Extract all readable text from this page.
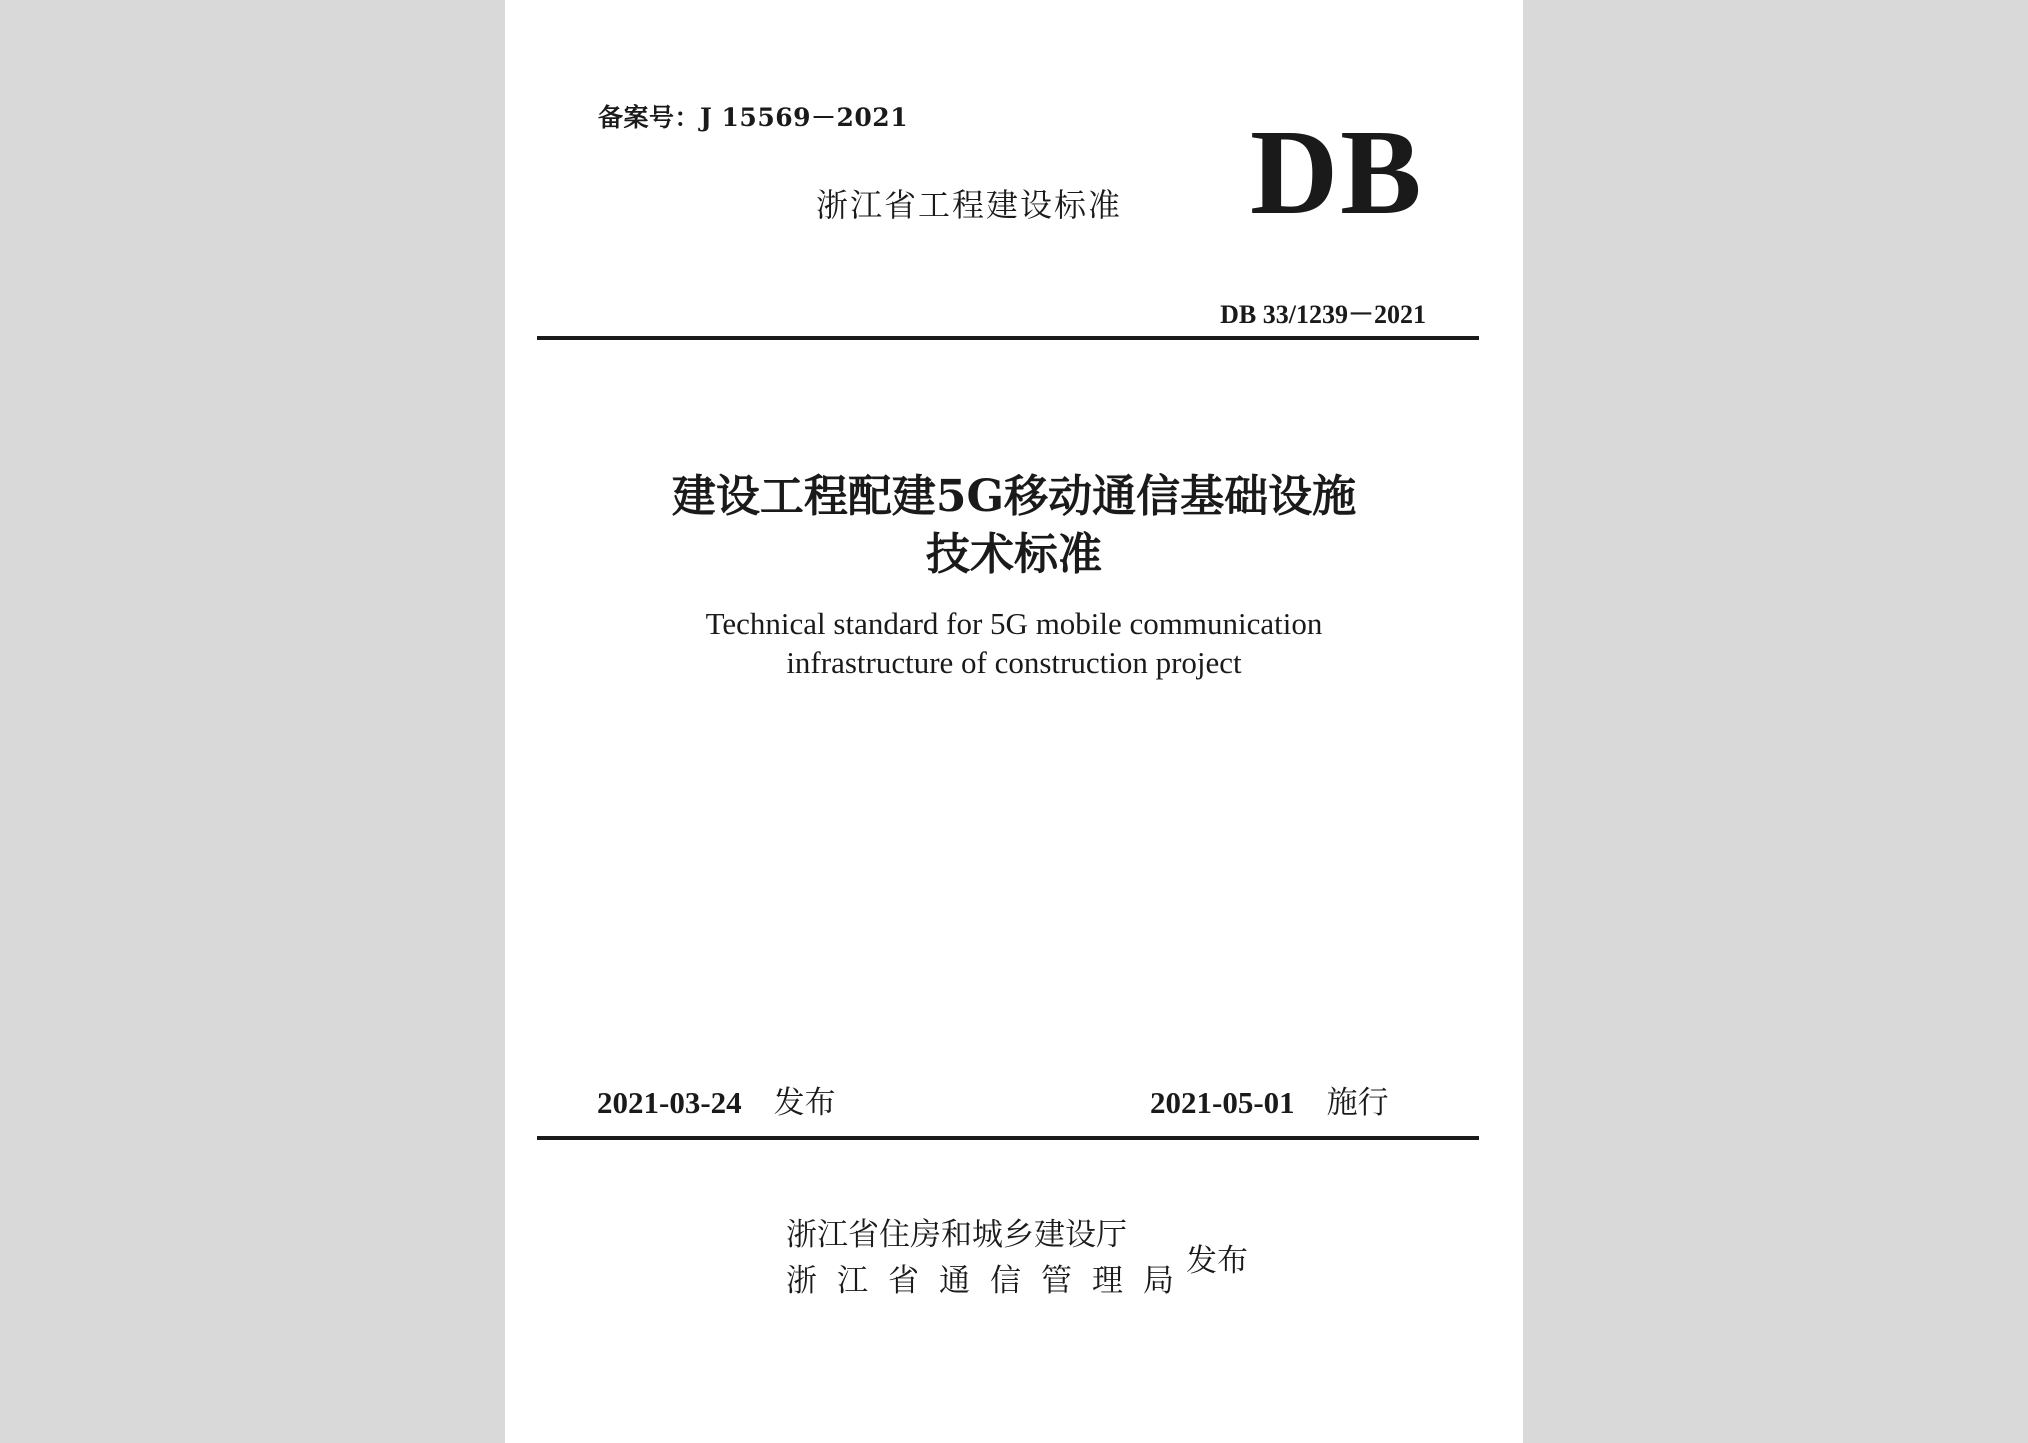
备案号：J 15569－2021
浙江省工程建设标准 DB
DB 33/1239－2021
建设工程配建5G移动通信基础设施
技术标准
Technical standard for 5G mobile communication
infrastructure of construction project
2021-03-24 发布	2021-05-01 施行
浙江省住房和城乡建设厅
浙江省通信管理局
发布
